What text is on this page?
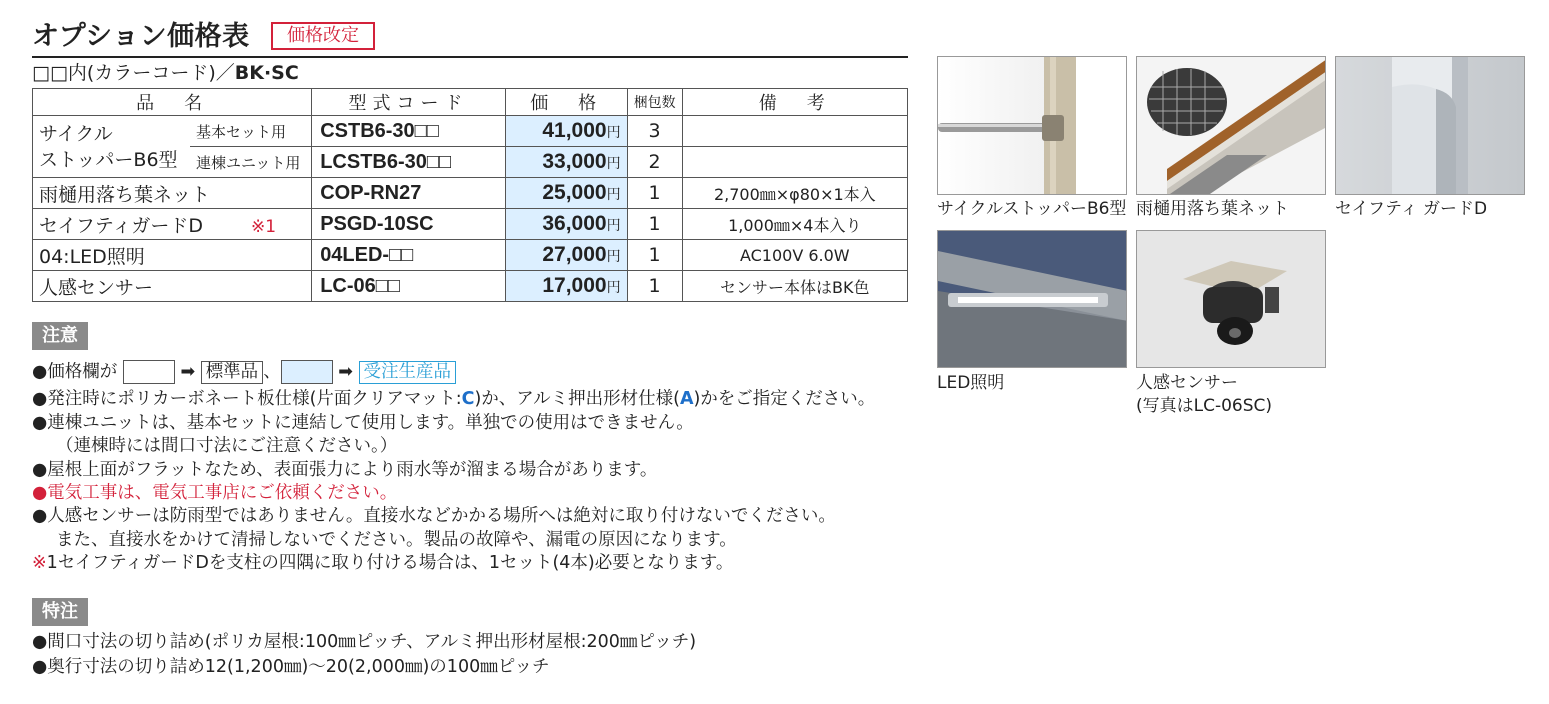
オプション価格表	価格改定
□□内(カラーコード)／BK·SC
品　名		型式コード	価　格	梱包数	備　考
サイクル
ストッパーB6型	基本セット用	CSTB6-30□□	41,000円	3	
	連棟ユニット用	LCSTB6-30□□	33,000円	2	
雨樋用落ち葉ネット		COP-RN27	25,000円	1	2,700㎜×φ80×1本入
セイフティガードD ※1		PSGD-10SC	36,000円	1	1,000㎜×4本入り
04:LED照明		04LED-□□	27,000円	1	AC100V 6.0W
人感センサー		LC-06□□	17,000円	1	センサー本体はBK色
注意
●価格欄が	➡ 標準品 、	➡ 受注生産品
●発注時にポリカーボネート板仕様(片面クリアマット:C)か、アルミ押出形材仕様(A)かをご指定ください。
●連棟ユニットは、基本セットに連結して使用します。単独での使用はできません。
（連棟時には間口寸法にご注意ください。）
●屋根上面がフラットなため、表面張力により雨水等が溜まる場合があります。
●電気工事は、電気工事店にご依頼ください。
●人感センサーは防雨型ではありません。直接水などかかる場所へは絶対に取り付けないでください。
また、直接水をかけて清掃しないでください。製品の故障や、漏電の原因になります。
※1セイフティガードDを支柱の四隅に取り付ける場合は、1セット(4本)必要となります。
特注
●間口寸法の切り詰め(ポリカ屋根:100㎜ピッチ、アルミ押出形材屋根:200㎜ピッチ)
●奥行寸法の切り詰め12(1,200㎜)～20(2,000㎜)の100㎜ピッチ
サイクルストッパーB6型 雨樋用落ち葉ネット	セイフティ ガードD
LED照明	人感センサー
(写真はLC-06SC)
